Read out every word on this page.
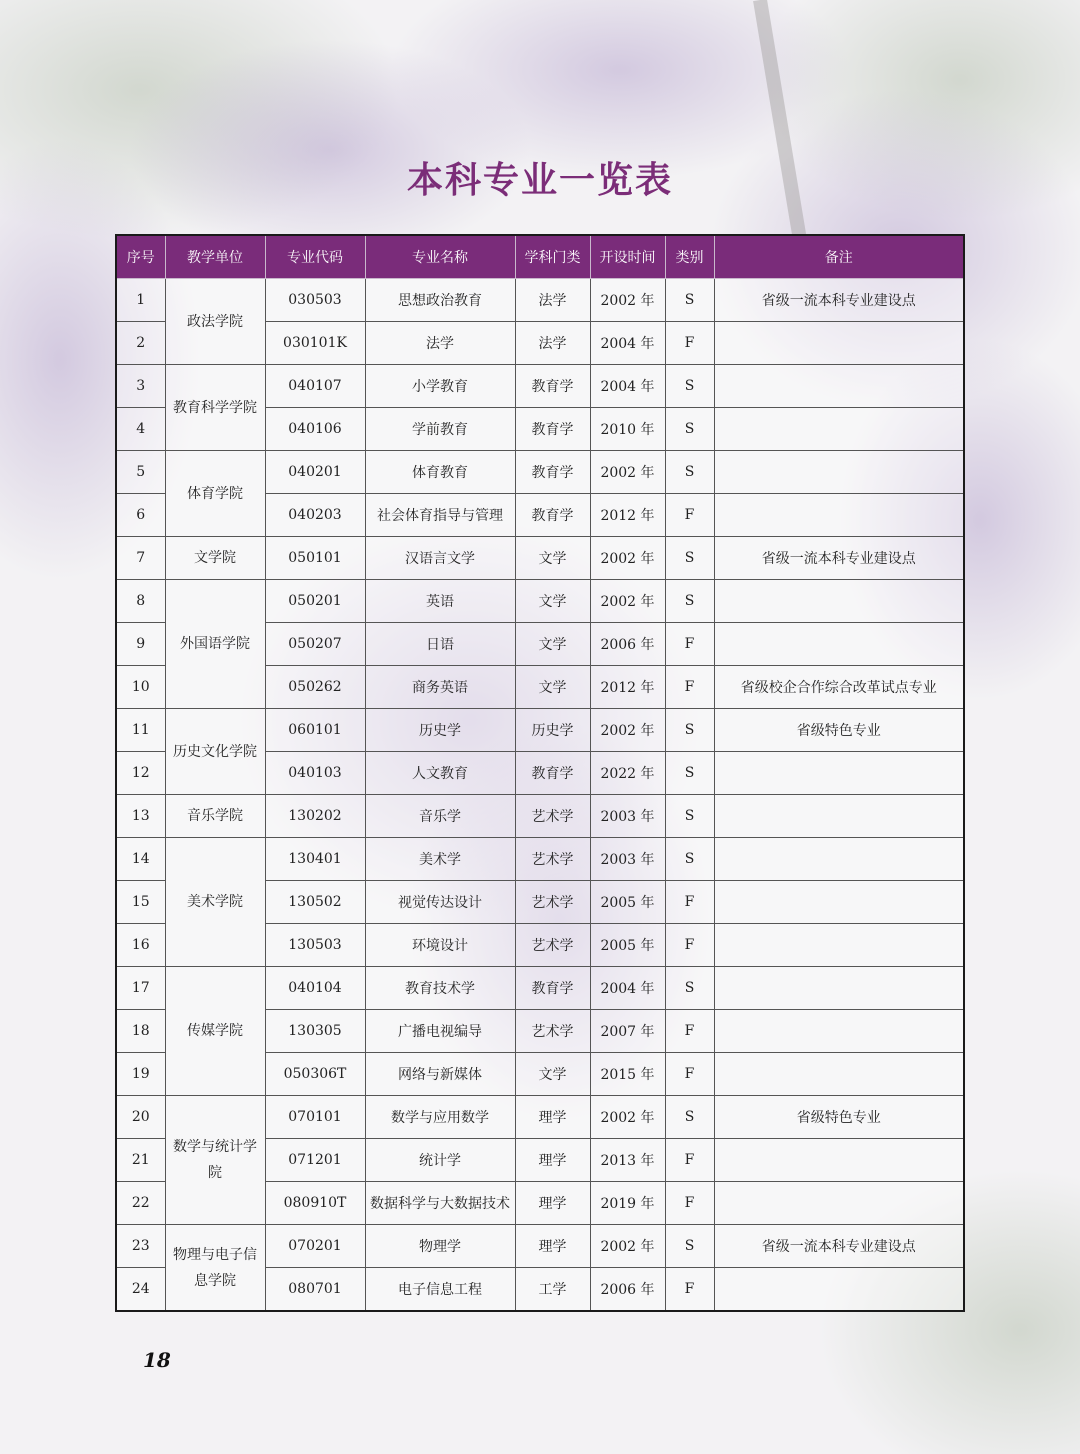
本科专业一览表
序号	教学单位	专业代码	专业名称	学科门类	开设时间	类别	备注
1	政法学院	030503	思想政治教育	法学	2002 年	S	省级一流本科专业建设点
2		030101K	法学	法学	2004 年	F	
3	教育科学学院	040107	小学教育	教育学	2004 年	S	
4		040106	学前教育	教育学	2010 年	S	
5	体育学院	040201	体育教育	教育学	2002 年	S	
6		040203	社会体育指导与管理	教育学	2012 年	F	
7	文学院	050101	汉语言文学	文学	2002 年	S	省级一流本科专业建设点
8	外国语学院	050201	英语	文学	2002 年	S	
9		050207	日语	文学	2006 年	F	
10		050262	商务英语	文学	2012 年	F	省级校企合作综合改革试点专业
11	历史文化学院	060101	历史学	历史学	2002 年	S	省级特色专业
12		040103	人文教育	教育学	2022 年	S	
13	音乐学院	130202	音乐学	艺术学	2003 年	S	
14	美术学院	130401	美术学	艺术学	2003 年	S	
15		130502	视觉传达设计	艺术学	2005 年	F	
16		130503	环境设计	艺术学	2005 年	F	
17	传媒学院	040104	教育技术学	教育学	2004 年	S	
18		130305	广播电视编导	艺术学	2007 年	F	
19		050306T	网络与新媒体	文学	2015 年	F	
20	数学与统计学院	070101	数学与应用数学	理学	2002 年	S	省级特色专业
21		071201	统计学	理学	2013 年	F	
22		080910T	数据科学与大数据技术	理学	2019 年	F	
23	物理与电子信息学院	070201	物理学	理学	2002 年	S	省级一流本科专业建设点
24		080701	电子信息工程	工学	2006 年	F	
18
